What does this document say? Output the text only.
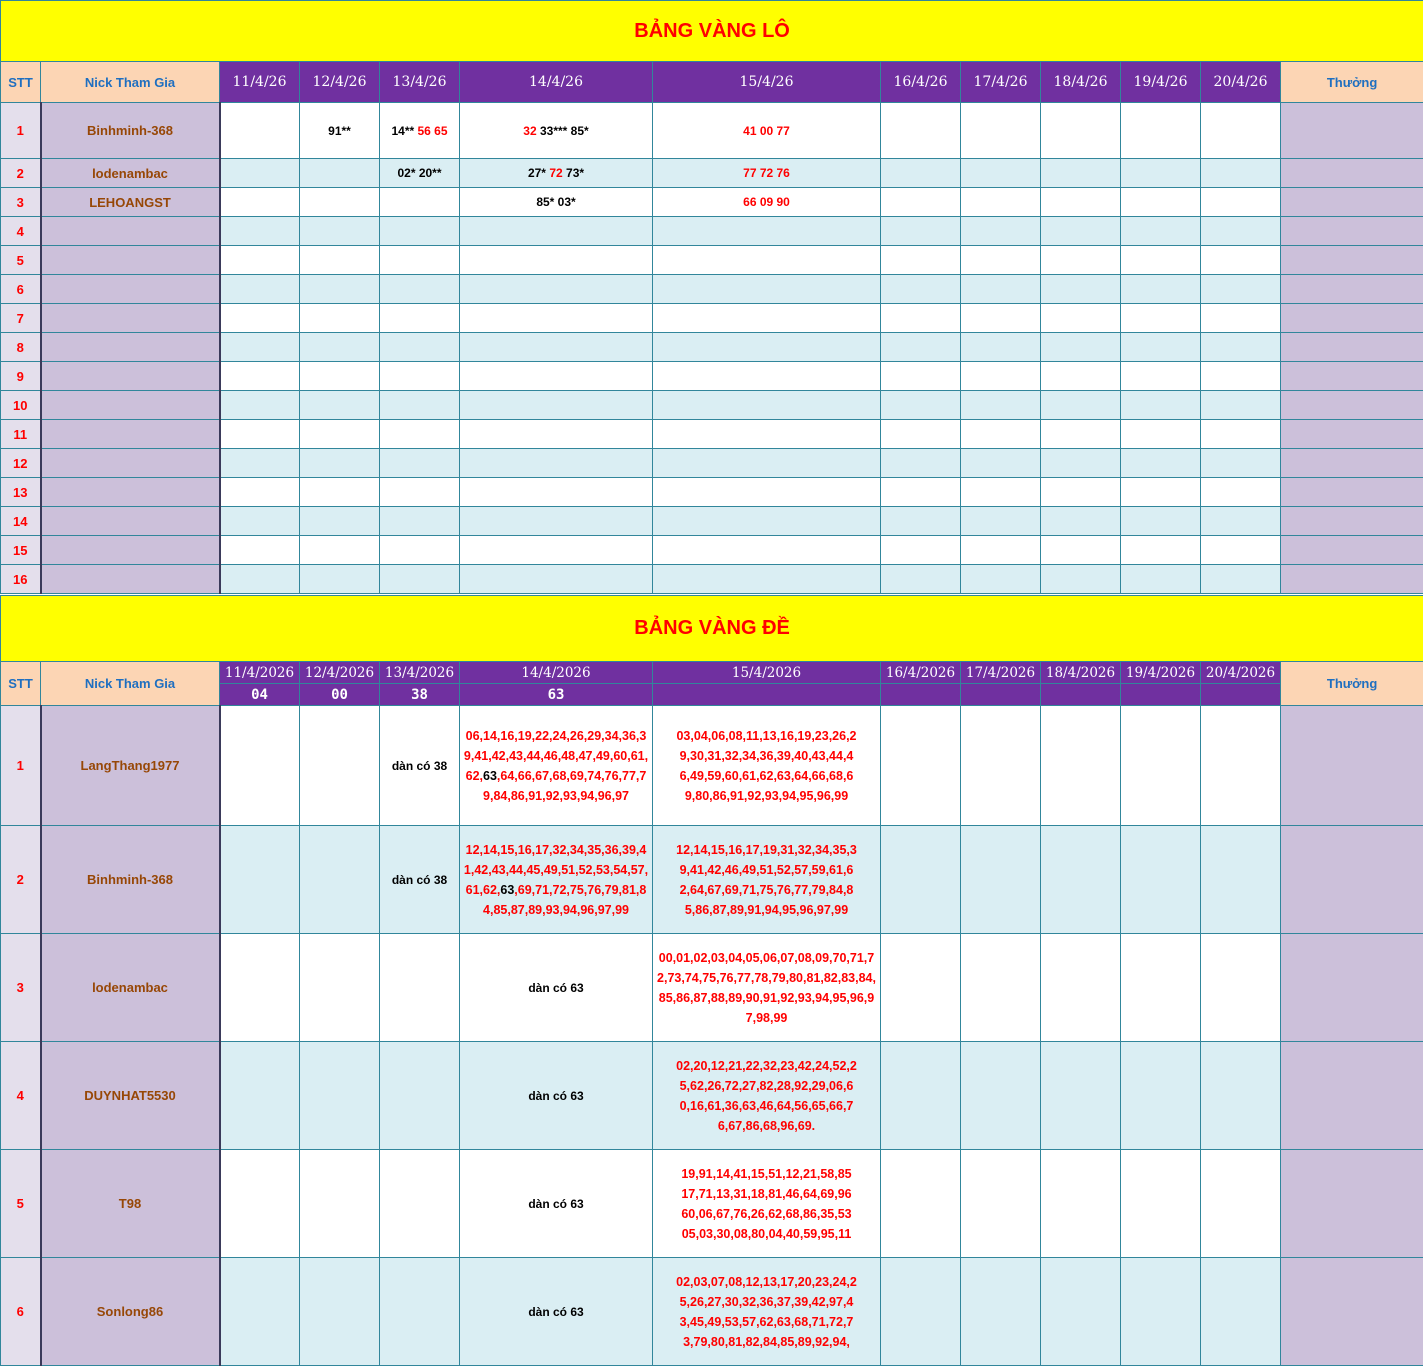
BẢNG VÀNG LÔ												
STT	Nick Tham Gia	11/4/26	12/4/26	13/4/26	14/4/26	15/4/26	16/4/26	17/4/26	18/4/26	19/4/26	20/4/26	Thưởng
1	Binhminh-368		91**	14** 56 65	32 33*** 85*	41 00 77						
2	lodenambac			02* 20**	27* 72 73*	77 72 76						
3	LEHOANGST				85* 03*	66 09 90						
4												
5												
6												
7												
8												
9												
10												
11												
12												
13												
14												
15												
16												
BẢNG VÀNG ĐỀ												
STT	Nick Tham Gia	11/4/2026	12/4/2026	13/4/2026	14/4/2026	15/4/2026	16/4/2026	17/4/2026	18/4/2026	19/4/2026	20/4/2026	Thưởng
		04	00	38	63							
1	LangThang1977			dàn có 38	06,14,16,19,22,24,26,29,34,36,39,41,42,43,44,46,48,47,49,60,61,62,63,64,66,67,68,69,74,76,77,79,84,86,91,92,93,94,96,97	03,04,06,08,11,13,16,19,23,26,29,30,31,32,34,36,39,40,43,44,46,49,59,60,61,62,63,64,66,68,69,80,86,91,92,93,94,95,96,99						
2	Binhminh-368			dàn có 38	12,14,15,16,17,32,34,35,36,39,41,42,43,44,45,49,51,52,53,54,57,61,62,63,69,71,72,75,76,79,81,84,85,87,89,93,94,96,97,99	12,14,15,16,17,19,31,32,34,35,39,41,42,46,49,51,52,57,59,61,62,64,67,69,71,75,76,77,79,84,85,86,87,89,91,94,95,96,97,99						
3	lodenambac				dàn có 63	00,01,02,03,04,05,06,07,08,09,70,71,72,73,74,75,76,77,78,79,80,81,82,83,84,85,86,87,88,89,90,91,92,93,94,95,96,97,98,99						
4	DUYNHAT5530				dàn có 63	02,20,12,21,22,32,23,42,24,52,25,62,26,72,27,82,28,92,29,06,60,16,61,36,63,46,64,56,65,66,76,67,86,68,96,69.						
5	T98				dàn có 63	19,91,14,41,15,51,12,21,58,85 17,71,13,31,18,81,46,64,69,96 60,06,67,76,26,62,68,86,35,53 05,03,30,08,80,04,40,59,95,11						
6	Sonlong86				dàn có 63	02,03,07,08,12,13,17,20,23,24,25,26,27,30,32,36,37,39,42,97,43,45,49,53,57,62,63,68,71,72,73,79,80,81,82,84,85,89,92,94,						
